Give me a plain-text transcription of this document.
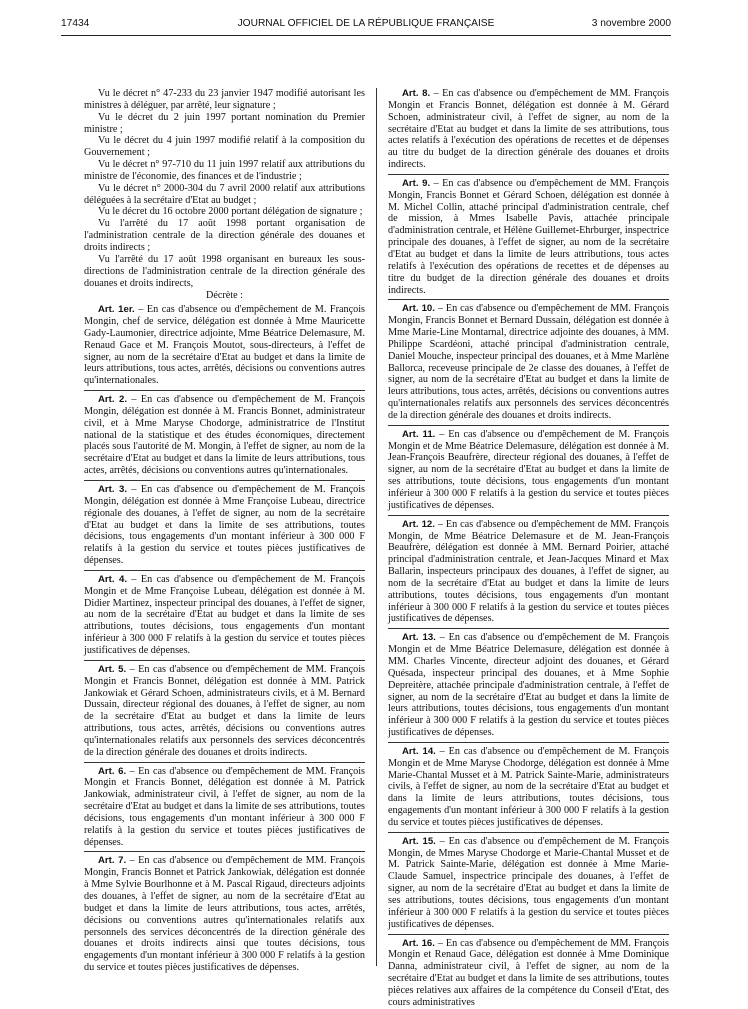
17434	JOURNAL OFFICIEL DE LA RÉPUBLIQUE FRANÇAISE	3 novembre 2000

Vu le décret n° 47-233 du 23 janvier 1947 modifié autorisant les ministres à déléguer, par arrêté, leur signature ;

Vu le décret du 2 juin 1997 portant nomination du Premier ministre ;

Vu le décret du 4 juin 1997 modifié relatif à la composition du Gouvernement ;

Vu le décret n° 97-710 du 11 juin 1997 relatif aux attributions du ministre de l'économie, des finances et de l'industrie ;

Vu le décret n° 2000-304 du 7 avril 2000 relatif aux attributions déléguées à la secrétaire d'Etat au budget ;

Vu le décret du 16 octobre 2000 portant délégation de signature ;

Vu l'arrêté du 17 août 1998 portant organisation de l'administration centrale de la direction générale des douanes et droits indirects ;

Vu l'arrêté du 17 août 1998 organisant en bureaux les sous-directions de l'administration centrale de la direction générale des douanes et droits indirects,

Décrète :

Art. 1er. – En cas d'absence ou d'empêchement de M. François Mongin, chef de service, délégation est donnée à Mme Mauricette Gady-Laumonier, directrice adjointe, Mme Béatrice Delemasure, M. Renaud Gace et M. François Moutot, sous-directeurs, à l'effet de signer, au nom de la secrétaire d'Etat au budget et dans la limite de leurs attributions, tous actes, arrêtés, décisions ou conventions autres qu'internationales.

Art. 2. – En cas d'absence ou d'empêchement de M. François Mongin, délégation est donnée à M. Francis Bonnet, administrateur civil, et à Mme Maryse Chodorge, administratrice de l'Institut national de la statistique et des études économiques, directement placés sous l'autorité de M. Mongin, à l'effet de signer, au nom de la secrétaire d'Etat au budget et dans la limite de leurs attributions, tous actes, arrêtés, décisions ou conventions autres qu'internationales.

Art. 3. – En cas d'absence ou d'empêchement de M. François Mongin, délégation est donnée à Mme Françoise Lubeau, directrice régionale des douanes, à l'effet de signer, au nom de la secrétaire d'Etat au budget et dans la limite de ses attributions, toutes décisions, tous engagements d'un montant inférieur à 300 000 F relatifs à la gestion du service et toutes pièces justificatives de dépenses.

Art. 4. – En cas d'absence ou d'empêchement de M. François Mongin et de Mme Françoise Lubeau, délégation est donnée à M. Didier Martinez, inspecteur principal des douanes, à l'effet de signer, au nom de la secrétaire d'Etat au budget et dans la limite de ses attributions, toutes décisions, tous engagements d'un montant inférieur à 300 000 F relatifs à la gestion du service et toutes pièces justificatives de dépenses.

Art. 5. – En cas d'absence ou d'empêchement de MM. François Mongin et Francis Bonnet, délégation est donnée à MM. Patrick Jankowiak et Gérard Schoen, administrateurs civils, et à M. Bernard Dussain, directeur régional des douanes, à l'effet de signer, au nom de la secrétaire d'Etat au budget et dans la limite de leurs attributions, tous actes, arrêtés, décisions ou conventions autres qu'internationales relatifs aux personnels des services déconcentrés de la direction générale des douanes et droits indirects.

Art. 6. – En cas d'absence ou d'empêchement de MM. François Mongin et Francis Bonnet, délégation est donnée à M. Patrick Jankowiak, administrateur civil, à l'effet de signer, au nom de la secrétaire d'Etat au budget et dans la limite de ses attributions, toutes décisions, tous engagements d'un montant inférieur à 300 000 F relatifs à la gestion du service et toutes pièces justificatives de dépenses.

Art. 7. – En cas d'absence ou d'empêchement de MM. François Mongin, Francis Bonnet et Patrick Jankowiak, délégation est donnée à Mme Sylvie Bourlhonne et à M. Pascal Rigaud, directeurs adjoints des douanes, à l'effet de signer, au nom de la secrétaire d'Etat au budget et dans la limite de leurs attributions, tous actes, arrêtés, décisions ou conventions autres qu'internationales relatifs aux personnels des services déconcentrés de la direction générale des douanes et droits indirects ainsi que toutes décisions, tous engagements d'un montant inférieur à 300 000 F relatifs à la gestion du service et toutes pièces justificatives de dépenses.

Art. 8. – En cas d'absence ou d'empêchement de MM. François Mongin et Francis Bonnet, délégation est donnée à M. Gérard Schoen, administrateur civil, à l'effet de signer, au nom de la secrétaire d'Etat au budget et dans la limite de ses attributions, tous actes relatifs à l'exécution des opérations de recettes et de dépenses au titre du budget de la direction générale des douanes et droits indirects.

Art. 9. – En cas d'absence ou d'empêchement de MM. François Mongin, Francis Bonnet et Gérard Schoen, délégation est donnée à M. Michel Collin, attaché principal d'administration centrale, chef de mission, à Mmes Isabelle Pavis, attachée principale d'administration centrale, et Hélène Guillemet-Ehrburger, inspectrice principale des douanes, à l'effet de signer, au nom de la secrétaire d'Etat au budget et dans la limite de leurs attributions, tous actes relatifs à l'exécution des opérations de recettes et de dépenses au titre du budget de la direction générale des douanes et droits indirects.

Art. 10. – En cas d'absence ou d'empêchement de MM. François Mongin, Francis Bonnet et Bernard Dussain, délégation est donnée à Mme Marie-Line Montarnal, directrice adjointe des douanes, à MM. Philippe Scardéoni, attaché principal d'administration centrale, Daniel Mouche, inspecteur principal des douanes, et à Mme Marlène Ballorca, receveuse principale de 2e classe des douanes, à l'effet de signer, au nom de la secrétaire d'Etat au budget et dans la limite de leurs attributions, tous actes, arrêtés, décisions ou conventions autres qu'internationales relatifs aux personnels des services déconcentrés de la direction générale des douanes et droits indirects.

Art. 11. – En cas d'absence ou d'empêchement de M. François Mongin et de Mme Béatrice Delemasure, délégation est donnée à M. Jean-François Beaufrère, directeur régional des douanes, à l'effet de signer, au nom de la secrétaire d'Etat au budget et dans la limite de ses attributions, toute décisions, tous engagements d'un montant inférieur à 300 000 F relatifs à la gestion du service et toutes pièces justificatives de dépenses.

Art. 12. – En cas d'absence ou d'empêchement de MM. François Mongin, de Mme Béatrice Delemasure et de M. Jean-François Beaufrère, délégation est donnée à MM. Bernard Poirier, attaché principal d'administration centrale, et Jean-Jacques Minard et Max Ballarin, inspecteurs principaux des douanes, à l'effet de signer, au nom de la secrétaire d'Etat au budget et dans la limite de leurs attributions, toutes décisions, tous engagements d'un montant inférieur à 300 000 F relatifs à la gestion du service et toutes pièces justificatives de dépenses.

Art. 13. – En cas d'absence ou d'empêchement de M. François Mongin et de Mme Béatrice Delemasure, délégation est donnée à MM. Charles Vincente, directeur adjoint des douanes, et Gérard Quésada, inspecteur principal des douanes, et à Mme Sophie Depreitère, attachée principale d'administration centrale, à l'effet de signer, au nom de la secrétaire d'Etat au budget et dans la limite de leurs attributions, toutes décisions, tous engagements d'un montant inférieur à 300 000 F relatifs à la gestion du service et toutes pièces justificatives de dépenses.

Art. 14. – En cas d'absence ou d'empêchement de M. François Mongin et de Mme Maryse Chodorge, délégation est donnée à Mme Marie-Chantal Musset et à M. Patrick Sainte-Marie, administrateurs civils, à l'effet de signer, au nom de la secrétaire d'Etat au budget et dans la limite de leurs attributions, toutes décisions, tous engagements d'un montant inférieur à 300 000 F relatifs à la gestion du service et toutes pièces justificatives de dépenses.

Art. 15. – En cas d'absence ou d'empêchement de M. François Mongin, de Mmes Maryse Chodorge et Marie-Chantal Musset et de M. Patrick Sainte-Marie, délégation est donnée à Mme Marie-Claude Samuel, inspectrice principale des douanes, à l'effet de signer, au nom de la secrétaire d'Etat au budget et dans la limite de ses attributions, toutes décisions, tous engagements d'un montant inférieur à 300 000 F relatifs à la gestion du service et toutes pièces justificatives de dépenses.

Art. 16. – En cas d'absence ou d'empêchement de MM. François Mongin et Renaud Gace, délégation est donnée à Mme Dominique Danna, administrateur civil, à l'effet de signer, au nom de la secrétaire d'Etat au budget et dans la limite de ses attributions, toutes pièces relatives aux affaires de la compétence du Conseil d'Etat, des cours administratives
